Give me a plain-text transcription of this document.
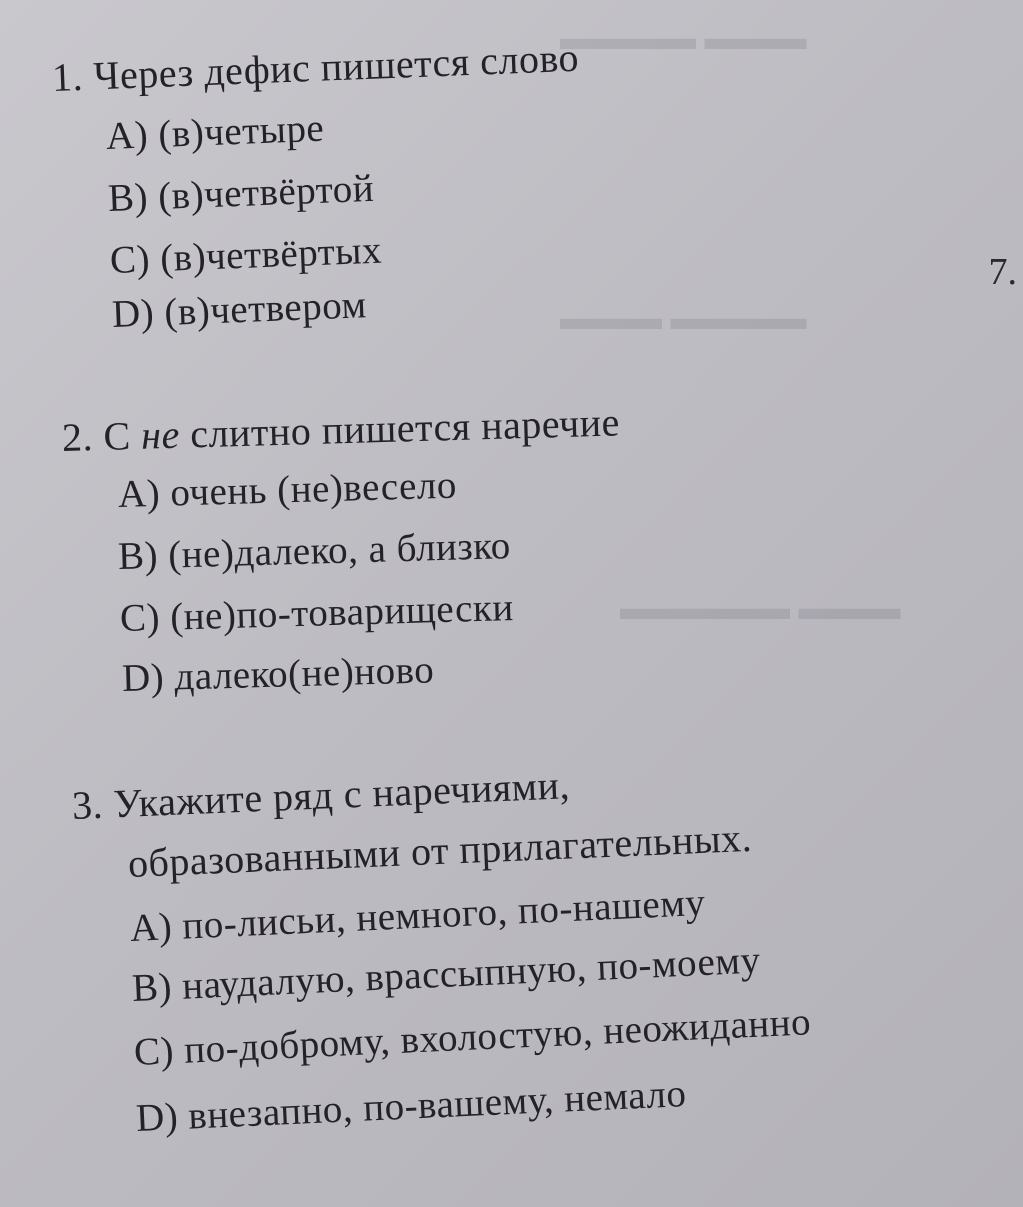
▬▬▬ ▬▬▬▬
▬▬▬▬ ▬▬▬
▬▬▬ ▬▬▬▬▬
7.
1. Через дефис пишется слово
A) (в)четыре
B) (в)четвёртой
C) (в)четвёртых
D) (в)четвером
2. С не слитно пишется наречие
A) очень (не)весело
B) (не)далеко, а близко
C) (не)по-товарищески
D) далеко(не)ново
3. Укажите ряд с наречиями,
образованными от прилагательных.
A) по-лисьи, немного, по-нашему
B) наудалую, врассыпную, по-моему
C) по-доброму, вхолостую, неожиданно
D) внезапно, по-вашему, немало
